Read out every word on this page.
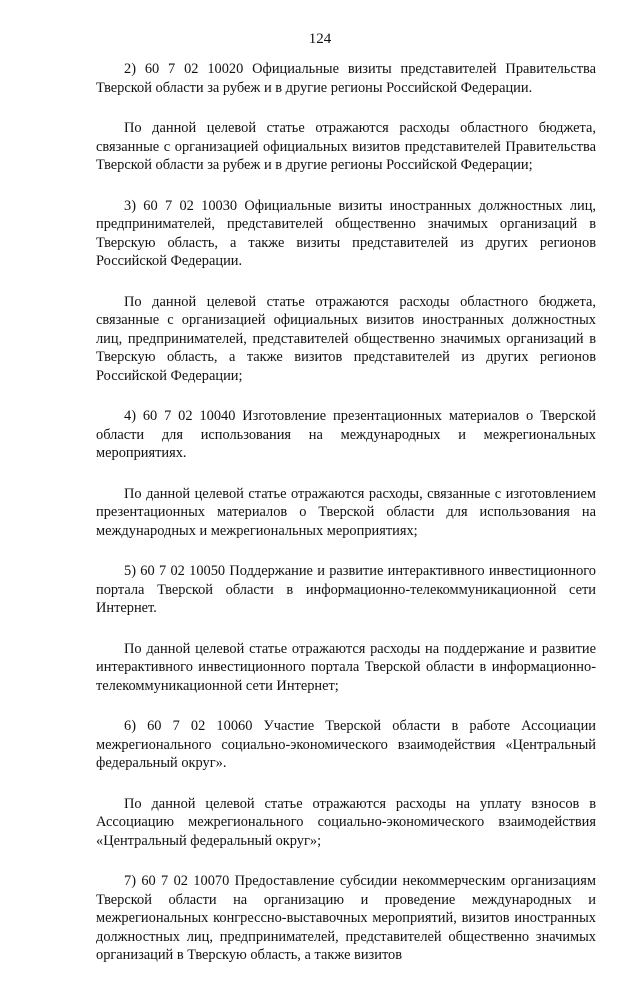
124

2) 60 7 02 10020 Официальные визиты представителей Правительства Тверской области за рубеж и в другие регионы Российской Федерации.

По данной целевой статье отражаются расходы областного бюджета, связанные с организацией официальных визитов представителей Правительства Тверской области за рубеж и в другие регионы Российской Федерации;

3) 60 7 02 10030 Официальные визиты иностранных должностных лиц, предпринимателей, представителей общественно значимых организаций в Тверскую область, а также визиты представителей из других регионов Российской Федерации.

По данной целевой статье отражаются расходы областного бюджета, связанные с организацией официальных визитов иностранных должностных лиц, предпринимателей, представителей общественно значимых организаций в Тверскую область, а также визитов представителей из других регионов Российской Федерации;

4) 60 7 02 10040 Изготовление презентационных материалов о Тверской области для использования на международных и межрегиональных мероприятиях.

По данной целевой статье отражаются расходы, связанные с изготовлением презентационных материалов о Тверской области для использования на международных и межрегиональных мероприятиях;

5) 60 7 02 10050 Поддержание и развитие интерактивного инвестиционного портала Тверской области в информационно-телекоммуникационной сети Интернет.

По данной целевой статье отражаются расходы на поддержание и развитие интерактивного инвестиционного портала Тверской области в информационно-телекоммуникационной сети Интернет;

6) 60 7 02 10060 Участие Тверской области в работе Ассоциации межрегионального социально-экономического взаимодействия «Центральный федеральный округ».

По данной целевой статье отражаются расходы на уплату взносов в Ассоциацию межрегионального социально-экономического взаимодействия «Центральный федеральный округ»;

7) 60 7 02 10070 Предоставление субсидии некоммерческим организациям Тверской области на организацию и проведение международных и межрегиональных конгрессно-выставочных мероприятий, визитов иностранных должностных лиц, предпринимателей, представителей общественно значимых организаций в Тверскую область, а также визитов
